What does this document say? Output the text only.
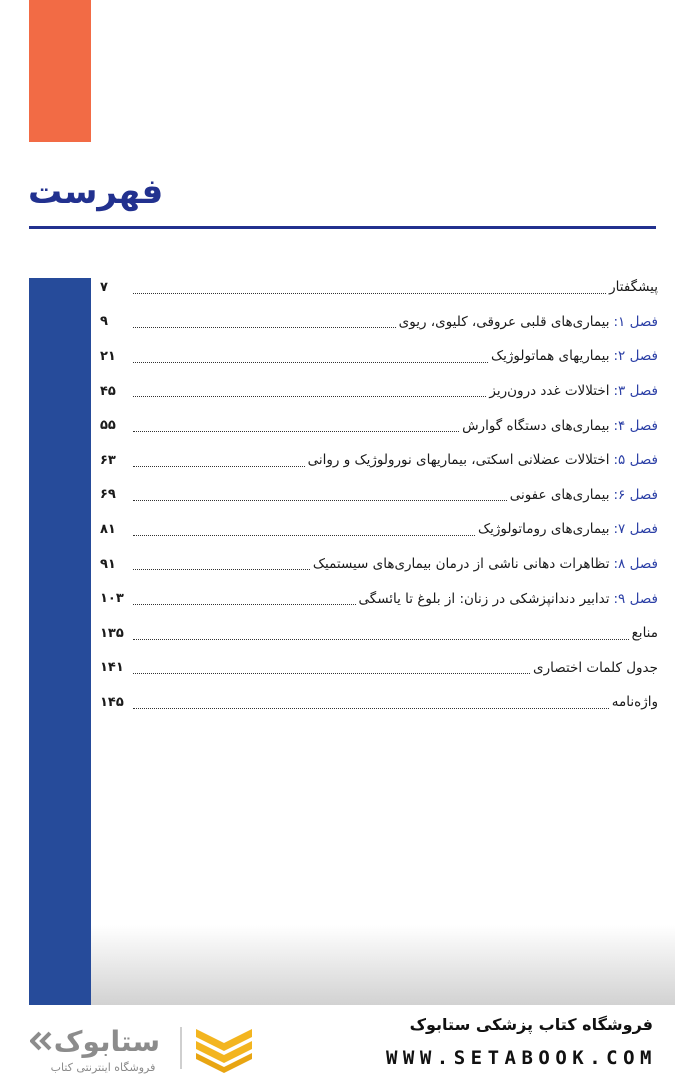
فهرست
پیشگفتار
۷
فصل ۱:
بیماری‌های قلبی عروقی، کلیوی، ریوی
۹
فصل ۲:
بیماریهای هماتولوژیک
۲۱
فصل ۳:
اختلالات غدد درون‌ریز
۴۵
فصل ۴:
بیماری‌های دستگاه گوارش
۵۵
فصل ۵:
اختلالات عضلانی اسکتی، بیماریهای نورولوژیک و روانی
۶۳
فصل ۶:
بیماری‌های عفونی
۶۹
فصل ۷:
بیماری‌های روماتولوژیک
۸۱
فصل ۸:
تظاهرات دهانی ناشی از درمان بیماری‌های سیستمیک
۹۱
فصل ۹:
تدابیر دندانپزشکی در زنان: از بلوغ تا یائسگی
۱۰۳
منابع
۱۳۵
جدول کلمات اختصاری
۱۴۱
واژه‌نامه
۱۴۵
فروشگاه کتاب پزشکی ستابوک
WWW.SETABOOK.COM
ستابوک
فروشگاه اینترنتی کتاب
